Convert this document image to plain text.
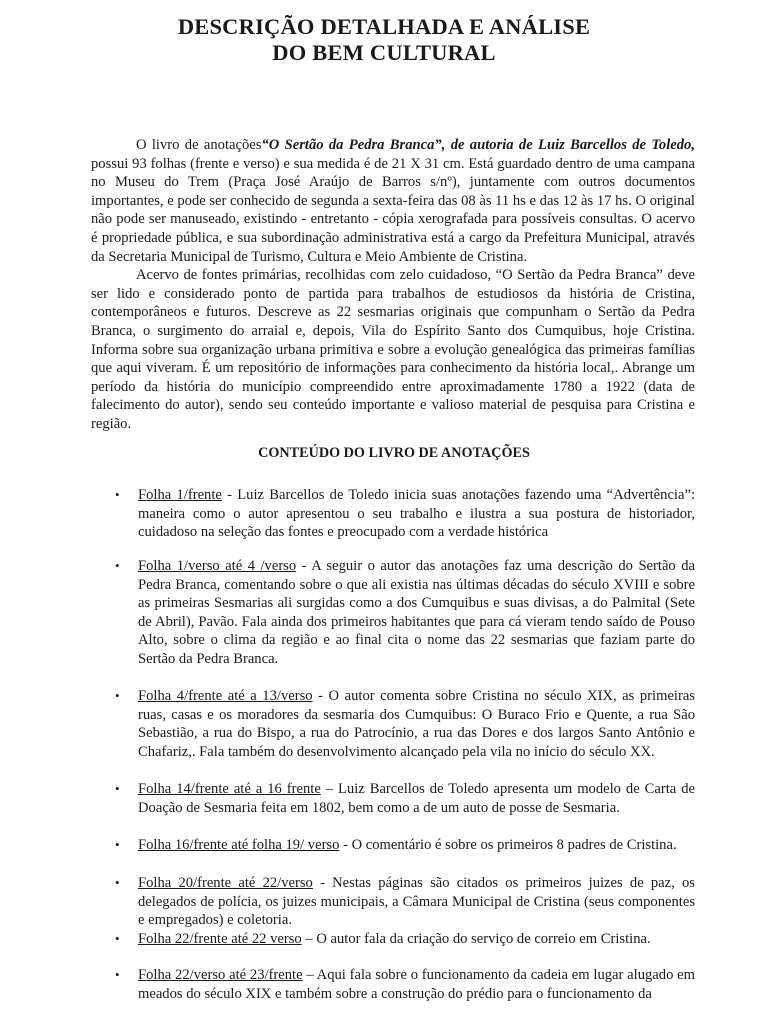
DESCRIÇÃO DETALHADA E ANÁLISE
DO BEM CULTURAL

O livro de anotações“O Sertão da Pedra Branca”, de autoria de Luiz Barcellos de Toledo, possui 93 folhas (frente e verso) e sua medida é de 21 X 31 cm. Está guardado dentro de uma campana no Museu do Trem (Praça José Araújo de Barros s/nº), juntamente com outros documentos importantes, e pode ser conhecido de segunda a sexta-feira das 08 às 11 hs e das 12 às 17 hs. O original não pode ser manuseado, existindo - entretanto - cópia xerografada para possíveis consultas. O acervo é propriedade pública, e sua subordinação administrativa está a cargo da Prefeitura Municipal, através da Secretaria Municipal de Turismo, Cultura e Meio Ambiente de Cristina.

Acervo de fontes primárias, recolhidas com zelo cuidadoso, “O Sertão da Pedra Branca” deve ser lido e considerado ponto de partida para trabalhos de estudiosos da história de Cristina, contemporâneos e futuros. Descreve as 22 sesmarias originais que compunham o Sertão da Pedra Branca, o surgimento do arraial e, depois, Vila do Espírito Santo dos Cumquibus, hoje Cristina. Informa sobre sua organização urbana primitiva e sobre a evolução genealógica das primeiras famílias que aqui viveram. É um repositório de informações para conhecimento da história local,. Abrange um período da história do município compreendido entre aproximadamente 1780 a 1922 (data de falecimento do autor), sendo seu conteúdo importante e valioso material de pesquisa para Cristina e região.

CONTEÚDO DO LIVRO DE ANOTAÇÕES
• Folha 1/frente - Luiz Barcellos de Toledo inicia suas anotações fazendo uma “Advertência”: maneira como o autor apresentou o seu trabalho e ilustra a sua postura de historiador, cuidadoso na seleção das fontes e preocupado com a verdade histórica
• Folha 1/verso até 4 /verso - A seguir o autor das anotações faz uma descrição do Sertão da Pedra Branca, comentando sobre o que ali existia nas últimas décadas do século XVIII e sobre as primeiras Sesmarias ali surgidas como a dos Cumquibus e suas divisas, a do Palmital (Sete de Abril), Pavão. Fala ainda dos primeiros habitantes que para cá vieram tendo saído de Pouso Alto, sobre o clima da região e ao final cita o nome das 22 sesmarias que faziam parte do Sertão da Pedra Branca.
• Folha 4/frente até a 13/verso - O autor comenta sobre Cristina no século XIX, as primeiras ruas, casas e os moradores da sesmaria dos Cumquibus: O Buraco Frio e Quente, a rua São Sebastião, a rua do Bispo, a rua do Patrocínio, a rua das Dores e dos largos Santo Antônio e Chafariz,. Fala também do desenvolvimento alcançado pela vila no início do século XX.
• Folha 14/frente até a 16 frente – Luiz Barcellos de Toledo apresenta um modelo de Carta de Doação de Sesmaria feita em 1802, bem como a de um auto de posse de Sesmaria.
• Folha 16/frente até folha 19/ verso - O comentário é sobre os primeiros 8 padres de Cristina.
• Folha 20/frente até 22/verso - Nestas páginas são citados os primeiros juizes de paz, os delegados de polícia, os juizes municipais, a Câmara Municipal de Cristina (seus componentes e empregados) e coletoria.
• Folha 22/frente até 22 verso – O autor fala da criação do serviço de correio em Cristina.
• Folha 22/verso até 23/frente – Aqui fala sobre o funcionamento da cadeia em lugar alugado em meados do século XIX e também sobre a construção do prédio para o funcionamento da
